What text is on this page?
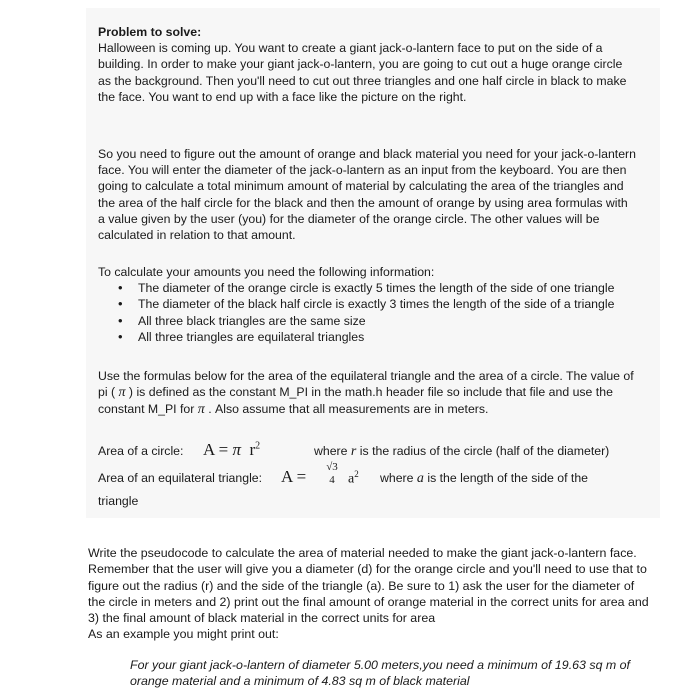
Problem to solve:

Halloween is coming up. You want to create a giant jack-o-lantern face to put on the side of a building. In order to make your giant jack-o-lantern, you are going to cut out a huge orange circle as the background. Then you'll need to cut out three triangles and one half circle in black to make the face. You want to end up with a face like the picture on the right.

So you need to figure out the amount of orange and black material you need for your jack-o-lantern face. You will enter the diameter of the jack-o-lantern as an input from the keyboard. You are then going to calculate a total minimum amount of material by calculating the area of the triangles and the area of the half circle for the black and then the amount of orange by using area formulas with a value given by the user (you) for the diameter of the orange circle. The other values will be calculated in relation to that amount.

To calculate your amounts you need the following information:

• The diameter of the orange circle is exactly 5 times the length of the side of one triangle
• The diameter of the black half circle is exactly 3 times the length of the side of a triangle
• All three black triangles are the same size
• All three triangles are equilateral triangles

Use the formulas below for the area of the equilateral triangle and the area of a circle. The value of pi ( π ) is defined as the constant M_PI in the math.h header file so include that file and use the constant M_PI for π . Also assume that all measurements are in meters.

Area of a circle: A = π $r^2$	where r is the radius of the circle (half of the diameter)
Area of an equilateral triangle: A =	√3
4 $a^2$ where a is the length of the side of the
triangle

Write the pseudocode to calculate the area of material needed to make the giant jack-o-lantern face. Remember that the user will give you a diameter (d) for the orange circle and you'll need to use that to figure out the radius (r) and the side of the triangle (a). Be sure to 1) ask the user for the diameter of the circle in meters and 2) print out the final amount of orange material in the correct units for area and 3) the final amount of black material in the correct units for area

As an example you might print out:

For your giant jack-o-lantern of diameter 5.00 meters,you need a minimum of 19.63 sq m of orange material and a minimum of 4.83 sq m of black material
